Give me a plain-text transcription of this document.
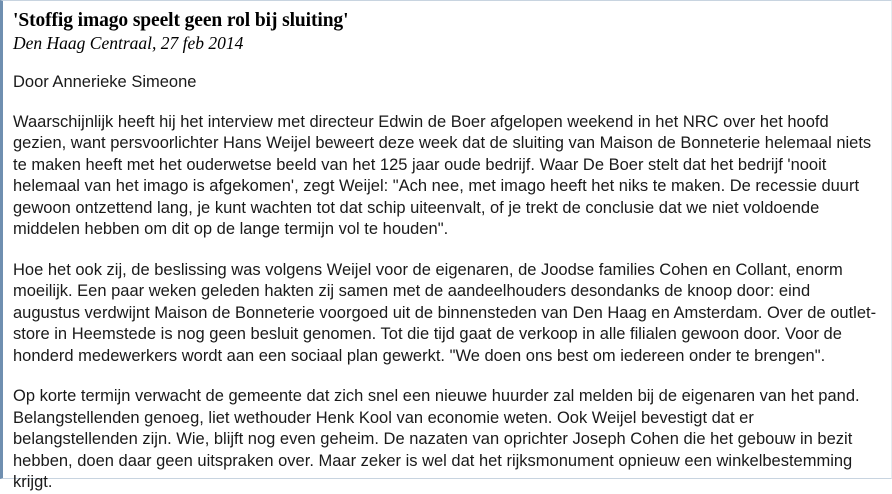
'Stoffig imago speelt geen rol bij sluiting'
Den Haag Centraal, 27 feb 2014
Door Annerieke Simeone

Waarschijnlijk heeft hij het interview met directeur Edwin de Boer afgelopen weekend in het NRC over het hoofd gezien, want persvoorlichter Hans Weijel beweert deze week dat de sluiting van Maison de Bonneterie helemaal niets te maken heeft met het ouderwetse beeld van het 125 jaar oude bedrijf. Waar De Boer stelt dat het bedrijf 'nooit helemaal van het imago is afgekomen', zegt Weijel: "Ach nee, met imago heeft het niks te maken. De recessie duurt gewoon ontzettend lang, je kunt wachten tot dat schip uiteenvalt, of je trekt de conclusie dat we niet voldoende middelen hebben om dit op de lange termijn vol te houden".

Hoe het ook zij, de beslissing was volgens Weijel voor de eigenaren, de Joodse families Cohen en Collant, enorm moeilijk. Een paar weken geleden hakten zij samen met de aandeelhouders desondanks de knoop door: eind augustus verdwijnt Maison de Bonneterie voorgoed uit de binnensteden van Den Haag en Amsterdam. Over de outlet-store in Heemstede is nog geen besluit genomen. Tot die tijd gaat de verkoop in alle filialen gewoon door. Voor de honderd medewerkers wordt aan een sociaal plan gewerkt. "We doen ons best om iedereen onder te brengen".

Op korte termijn verwacht de gemeente dat zich snel een nieuwe huurder zal melden bij de eigenaren van het pand. Belangstellenden genoeg, liet wethouder Henk Kool van economie weten. Ook Weijel bevestigt dat er belangstellenden zijn. Wie, blijft nog even geheim. De nazaten van oprichter Joseph Cohen die het gebouw in bezit hebben, doen daar geen uitspraken over. Maar zeker is wel dat het rijksmonument opnieuw een winkelbestemming krijgt.
